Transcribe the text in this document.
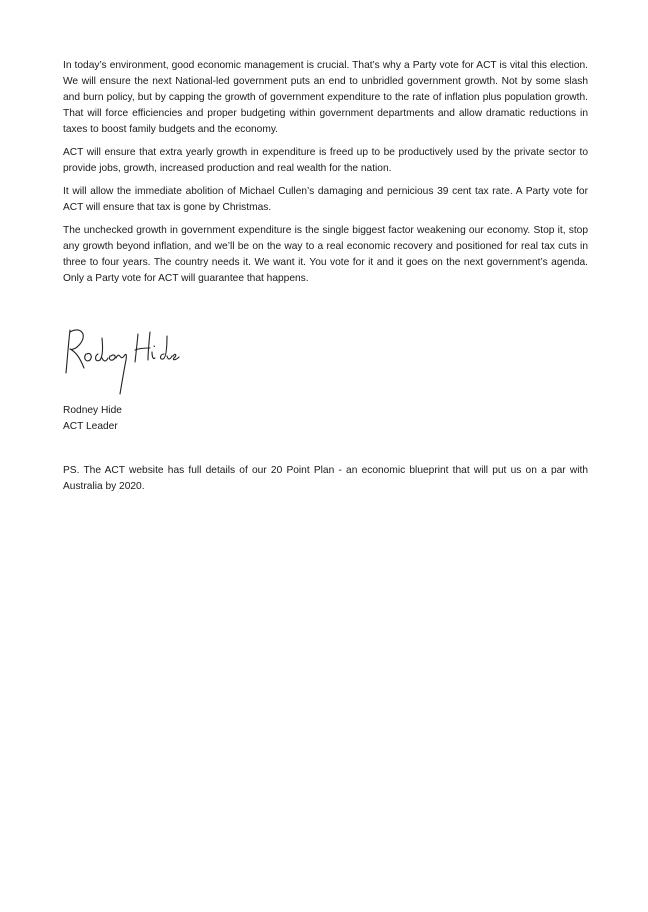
In today’s environment, good economic management is crucial. That’s why a Party vote for ACT is vital this election. We will ensure the next National-led government puts an end to unbridled government growth. Not by some slash and burn policy, but by capping the growth of government expenditure to the rate of inflation plus population growth. That will force efficiencies and proper budgeting within government departments and allow dramatic reductions in taxes to boost family budgets and the economy.

ACT will ensure that extra yearly growth in expenditure is freed up to be productively used by the private sector to provide jobs, growth, increased production and real wealth for the nation.

It will allow the immediate abolition of Michael Cullen’s damaging and pernicious 39 cent tax rate. A Party vote for ACT will ensure that tax is gone by Christmas.

The unchecked growth in government expenditure is the single biggest factor weakening our economy. Stop it, stop any growth beyond inflation, and we’ll be on the way to a real economic recovery and positioned for real tax cuts in three to four years. The country needs it. We want it. You vote for it and it goes on the next government’s agenda. Only a Party vote for ACT will guarantee that happens.

Rodney Hide
ACT Leader

PS. The ACT website has full details of our 20 Point Plan - an economic blueprint that will put us on a par with Australia by 2020.
